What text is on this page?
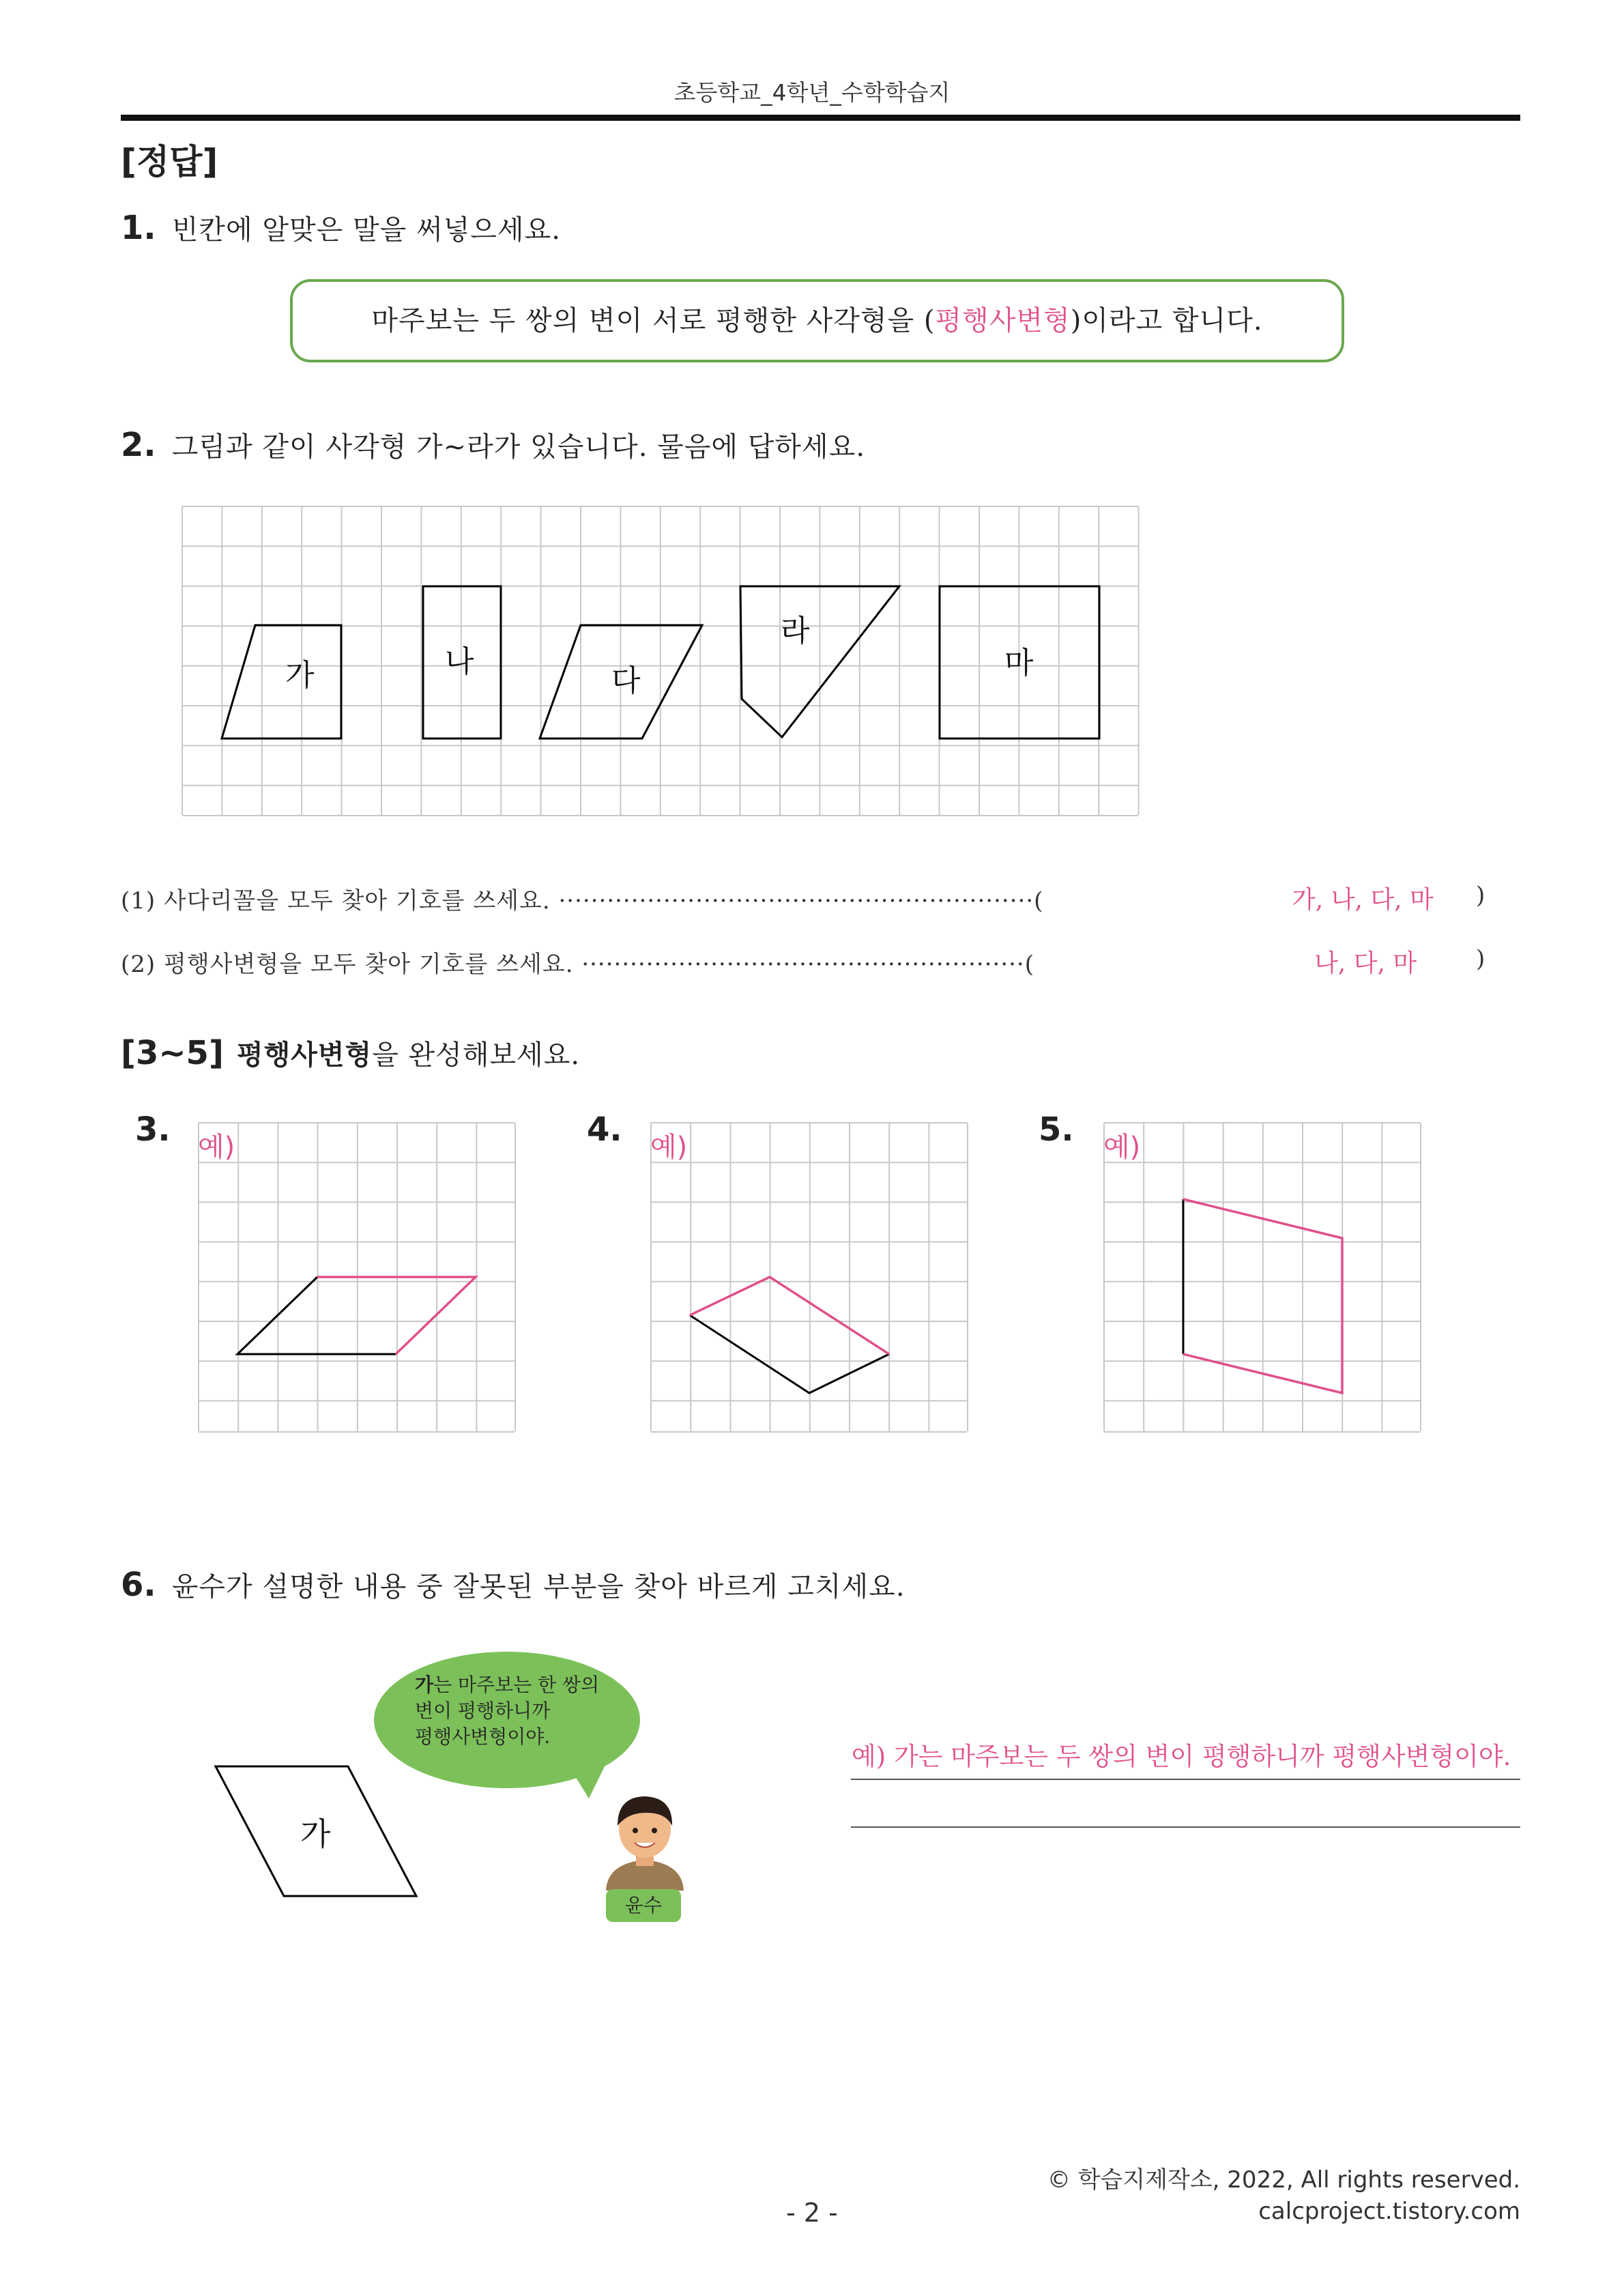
초등학교_4학년_수학학습지
[정답]
1. 빈칸에 알맞은 말을 써넣으세요.
마주보는 두 쌍의 변이 서로 평행한 사각형을 (평행사변형)이라고 합니다.
2. 그림과 같이 사각형 가~라가 있습니다. 물음에 답하세요.
가	나
다
라
마
(1) 사다리꼴을 모두 찾아 기호를 쓰세요. ···························································(	가, 나, 다, 마 )
(2) 평행사변형을 모두 찾아 기호를 쓰세요. ·······················································(	나, 다, 마	)
[3~5] 평행사변형을 완성해보세요.
3.	4.	5.
예)	예)	예)
6. 윤수가 설명한 내용 중 잘못된 부분을 찾아 바르게 고치세요.
가
가는 마주보는 한 쌍의
변이 평행하니까
평행사변형이야.
윤수
예) 가는 마주보는 두 쌍의 변이 평행하니까 평행사변형이야.
- 2 -
© 학습지제작소, 2022, All rights reserved.
calcproject.tistory.com
